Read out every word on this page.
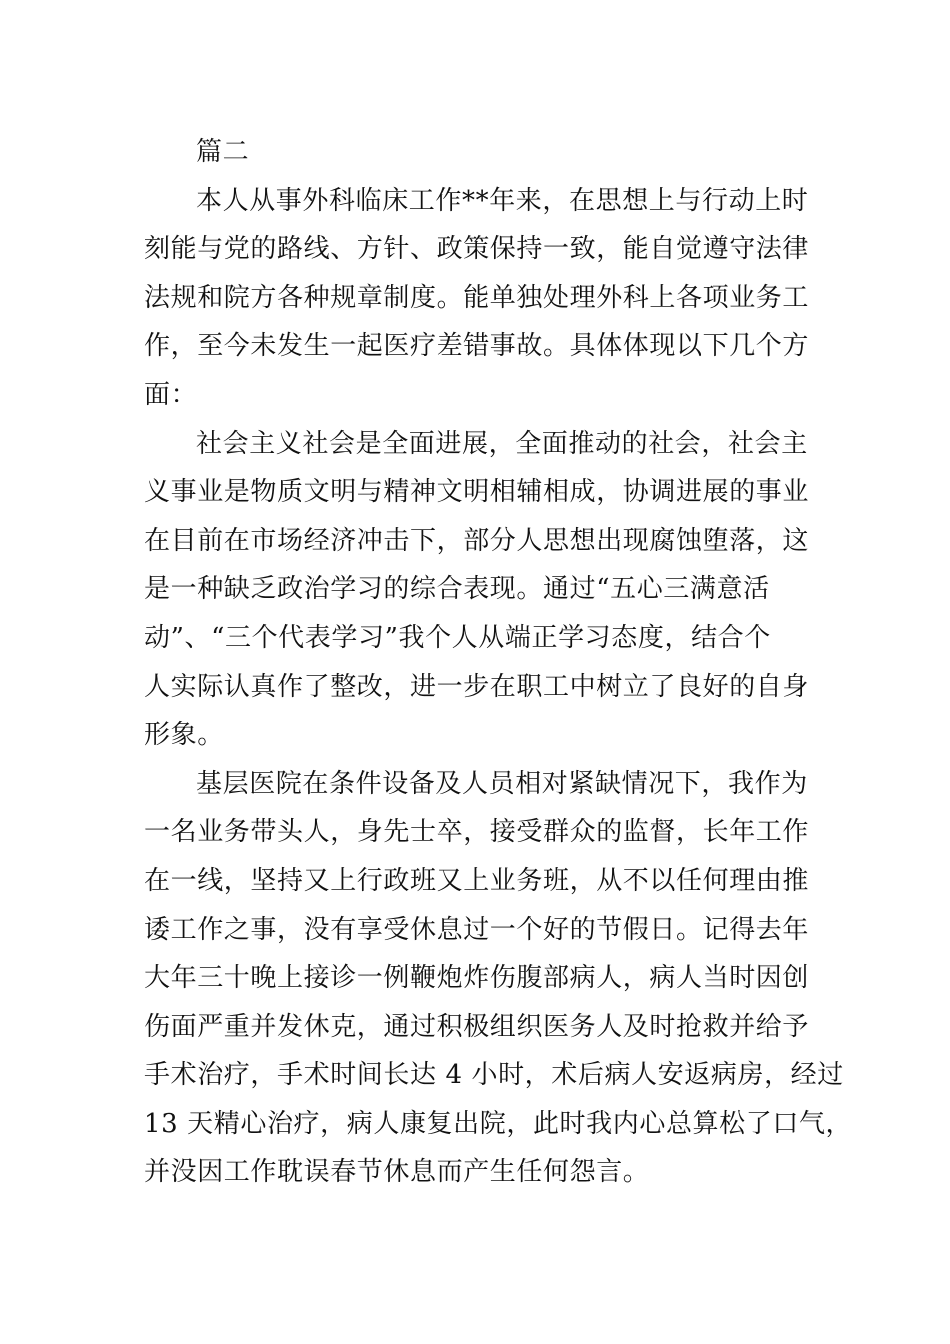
篇二
本人从事外科临床工作**年来，在思想上与行动上时
刻能与党的路线、方针、政策保持一致，能自觉遵守法律
法规和院方各种规章制度。能单独处理外科上各项业务工
作，至今未发生一起医疗差错事故。具体体现以下几个方
面：
社会主义社会是全面进展，全面推动的社会，社会主
义事业是物质文明与精神文明相辅相成，协调进展的事业
在目前在市场经济冲击下，部分人思想出现腐蚀堕落，这
是一种缺乏政治学习的综合表现。通过“五心三满意活
动”、“三个代表学习”我个人从端正学习态度，结合个
人实际认真作了整改，进一步在职工中树立了良好的自身
形象。
基层医院在条件设备及人员相对紧缺情况下，我作为
一名业务带头人，身先士卒，接受群众的监督，长年工作
在一线，坚持又上行政班又上业务班，从不以任何理由推
诿工作之事，没有享受休息过一个好的节假日。记得去年
大年三十晚上接诊一例鞭炮炸伤腹部病人，病人当时因创
伤面严重并发休克，通过积极组织医务人及时抢救并给予
手术治疗，手术时间长达 4 小时，术后病人安返病房，经过
13 天精心治疗，病人康复出院，此时我内心总算松了口气，
并没因工作耽误春节休息而产生任何怨言。
